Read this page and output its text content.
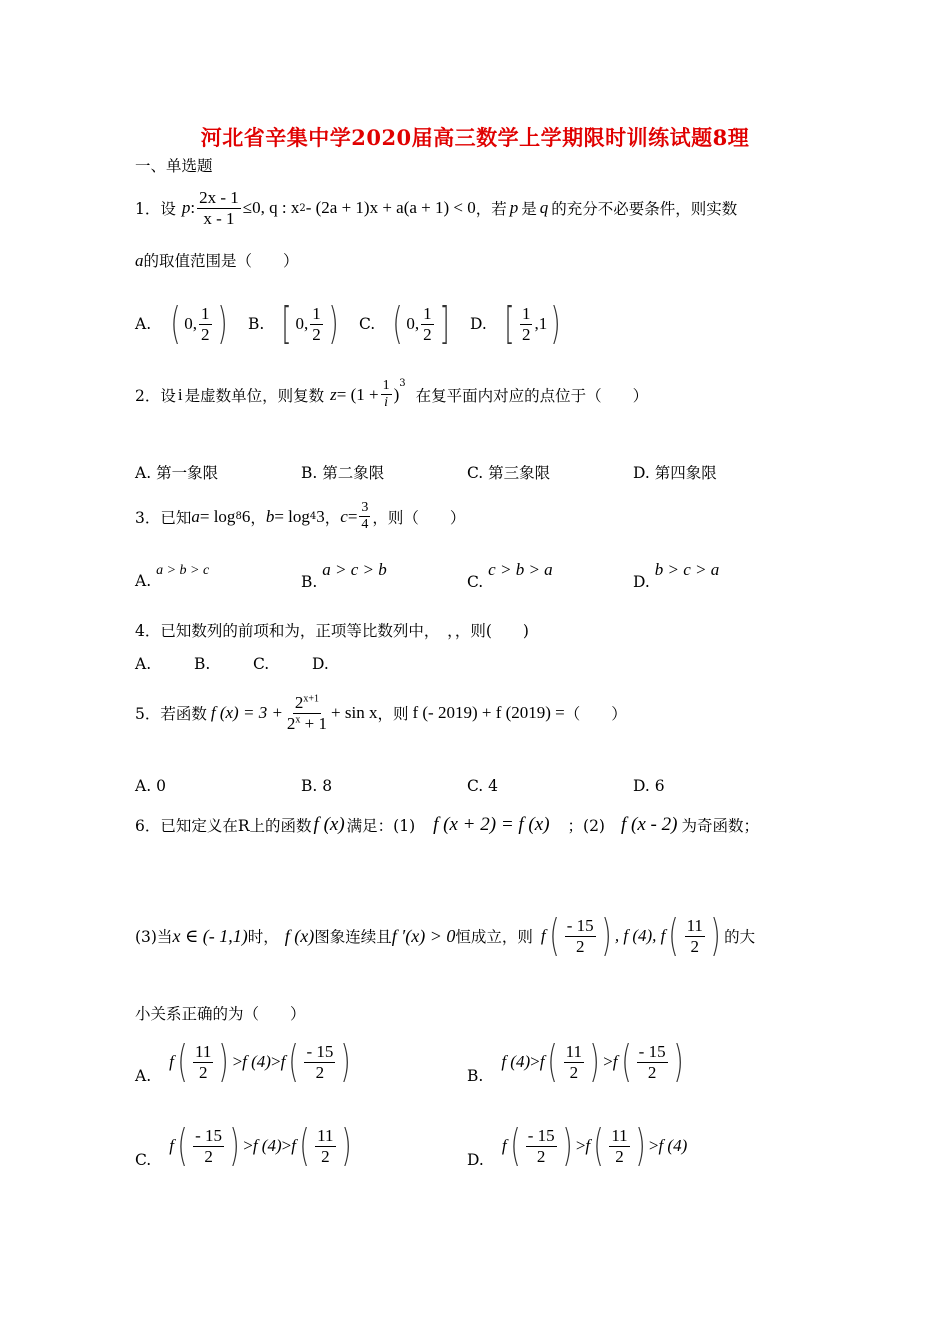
河北省辛集中学2020届高三数学上学期限时训练试题8理
一、单选题
1．设 p : $\frac{2x - 1}{x - 1} \le 0$, q : x 2 - (2a + 1)x + a(a + 1) < 0 ，若 p 是 q 的充分不必要条件，则实数
a的取值范围是（　　）
A. ( 0, $\frac{1}{2}$ ) B. [ 0, $\frac{1}{2}$ ) C. ( 0, $\frac{1}{2}$ ] D. [ $\frac{1}{2} ,1$ )
2．设 i 是虚数单位，则复数 $z = (1 + \frac{1}{i}$ )
3
在复平面内对应的点位于（　　）
A. 第一象限	B. 第二象限	C. 第三象限	D. 第四象限
3．已知 a = log 8 6 ， b = log 4 3 ， $c = \frac{3}{4}$ ，则（　　）
A. a > b > c
B. a > c > b
C. c > b > a
D. b > c > a
4．已知数列的前项和为，正项等比数列中，　，，则(　　)
A.	B.	C.	D.
5．若函数 f $(x) = 3 + \frac{2^{x+1}}{2^x + 1} + \sin x$ ，则 f (- 2019) + f (2019) = （　　）
A. 0	B. 8	C. 4	D. 6
6．已知定义在R上的函数 f (x) 满足：(1) f (x + 2) = f (x) ；(2) f (x - 2) 为奇函数；
(3)当 x ∈ (- 1,1) 时， f (x) 图象连续且 f ′(x) > 0 恒成立，则 f ( $\frac{- 15}{2}$ ) , f (4), f ( $\frac{11}{2}$ ) 的大
小关系正确的为（　　）
A.
f ( $\frac{11}{2}$ ) > f (4) > f ( $\frac{- 15}{2}$ )	B.
f (4) > f ( $\frac{11}{2}$ ) > f ( $\frac{- 15}{2}$ )
C.
f ( $\frac{- 15}{2}$ ) > f (4) > f ( $\frac{11}{2}$ )	D.
f ( $\frac{- 15}{2}$ ) > f ( $\frac{11}{2}$ ) > f (4)
